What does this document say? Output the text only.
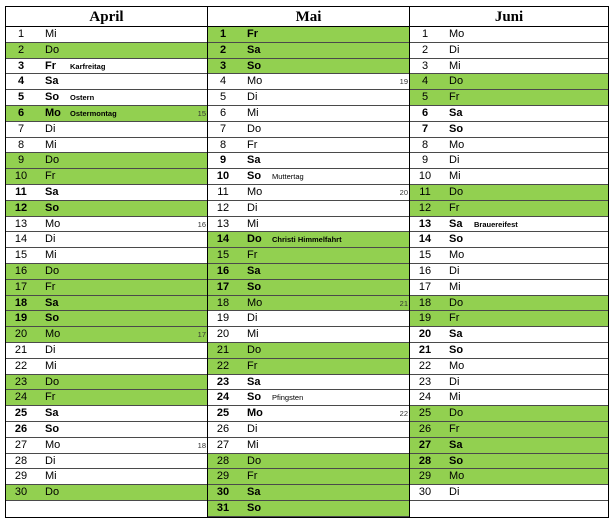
April
1	Mi
2	Do
3	Fr Karfreitag
4	Sa
5	So Ostern
6	Mo Ostermontag	15
7	Di
8	Mi
9	Do
10	Fr
11	Sa
12	So
13	Mo	16
14	Di
15	Mi
16	Do
17	Fr
18	Sa
19	So
20	Mo	17
21	Di
22	Mi
23	Do
24	Fr
25	Sa
26	So
27	Mo	18
28	Di
29	Mi
30	Do
Mai
1	Fr
2	Sa
3	So
4	Mo	19
5	Di
6	Mi
7	Do
8	Fr
9	Sa
10	So Muttertag
11	Mo	20
12	Di
13	Mi
14	Do Christi Himmelfahrt
15	Fr
16	Sa
17	So
18	Mo	21
19	Di
20	Mi
21	Do
22	Fr
23	Sa
24	So Pfingsten
25	Mo	22
26	Di
27	Mi
28	Do
29	Fr
30	Sa
31	So
Juni
1	Mo
2	Di
3	Mi
4	Do
5	Fr
6	Sa
7	So
8	Mo
9	Di
10	Mi
11	Do
12	Fr
13	Sa Brauereifest
14	So
15	Mo
16	Di
17	Mi
18	Do
19	Fr
20	Sa
21	So
22	Mo
23	Di
24	Mi
25	Do
26	Fr
27	Sa
28	So
29	Mo
30	Di
